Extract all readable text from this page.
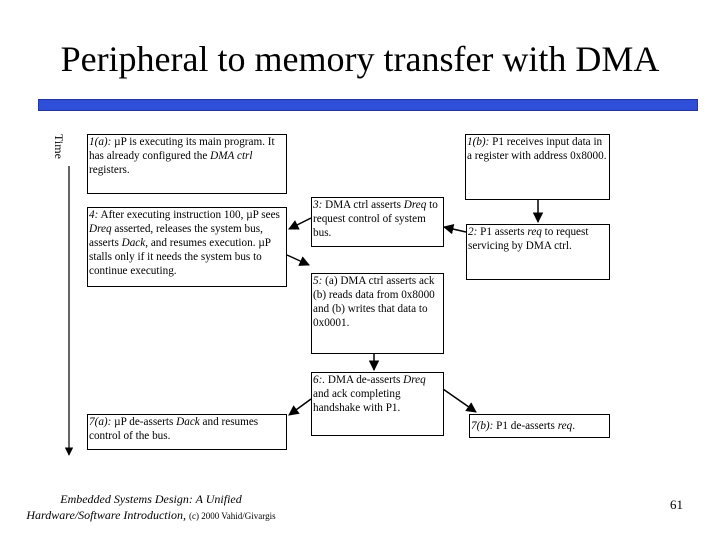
Peripheral to memory transfer with DMA
Time 1(a): µP is executing its main program. It has already configured the DMA ctrl registers.
1(b): P1 receives input data in a register with address 0x8000.
4: After executing instruction 100, µP sees Dreq asserted, releases the system bus, asserts Dack, and resumes execution. µP stalls only if it needs the system bus to continue executing.
3: DMA ctrl asserts Dreq to request control of system bus.	2: P1 asserts req to request servicing by DMA ctrl.
5: (a) DMA ctrl asserts ack (b) reads data from 0x8000 and (b) writes that data to 0x0001.
6:. DMA de-asserts Dreq and ack completing handshake with P1.
7(a): µP de-asserts Dack and resumes control of the bus.
7(b): P1 de-asserts req.
Embedded Systems Design: A Unified
Hardware/Software Introduction, (c) 2000 Vahid/Givargis
61
